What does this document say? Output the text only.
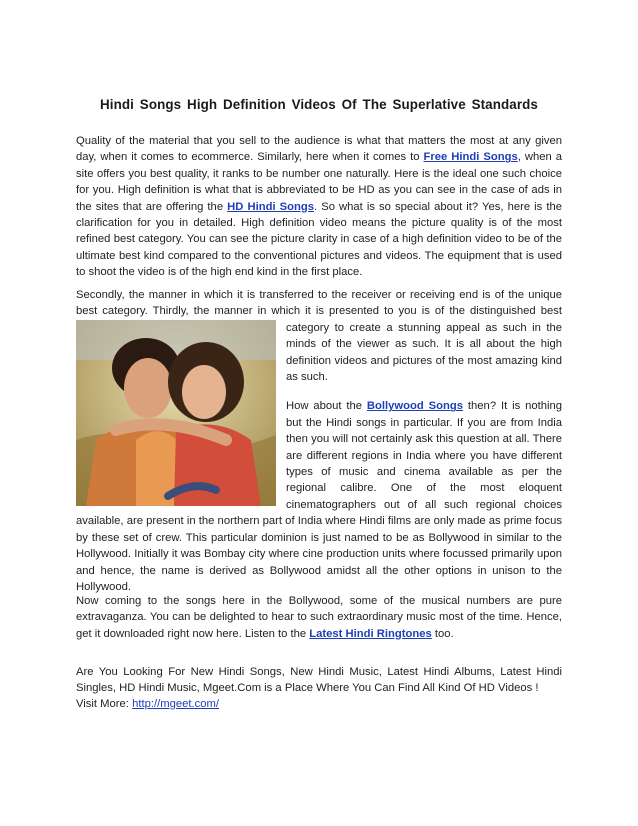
Hindi Songs High Definition Videos Of The Superlative Standards

Quality of the material that you sell to the audience is what that matters the most at any given day, when it comes to ecommerce. Similarly, here when it comes to Free Hindi Songs, when a site offers you best quality, it ranks to be number one naturally. Here is the ideal one such choice for you. High definition is what that is abbreviated to be HD as you can see in the case of ads in the sites that are offering the HD Hindi Songs. So what is so special about it? Yes, here is the clarification for you in detailed. High definition video means the picture quality is of the most refined best category. You can see the picture clarity in case of a high definition video to be of the ultimate best kind compared to the conventional pictures and videos. The equipment that is used to shoot the video is of the high end kind in the first place.

Now coming to the songs here in the Bollywood, some of the musical numbers are pure extravaganza. You can be delighted to hear to such extraordinary music most of the time. Hence, get it downloaded right now here. Listen to the Latest Hindi Ringtones too.

Are You Looking For New Hindi Songs, New Hindi Music, Latest Hindi Albums, Latest Hindi Singles, HD Hindi Music, Mgeet.Com is a Place Where You Can Find All Kind Of HD Videos !

Visit More: http://mgeet.com/

Secondly, the manner in which it is transferred to the receiver or receiving end is of the unique best category. Thirdly, the manner in which it is presented to you is of the distinguished best category to create a stunning appeal as such in the minds of the viewer as such. It is all about the high definition videos and pictures of the most amazing kind as such.
How about the Bollywood Songs then? It is nothing but the Hindi songs in particular. If you are from India then you will not certainly ask this question at all. There are different regions in India where you have different types of music and cinema available as per the regional calibre. One of the most eloquent cinematographers out of all such regional choices available, are present in the northern part of India where Hindi films are only made as prime focus by these set of crew. This particular dominion is just named to be as Bollywood in similar to the Hollywood. Initially it was Bombay city where cine production units where focussed primarily upon and hence, the name is derived as Bollywood amidst all the other options in unison to the Hollywood.
